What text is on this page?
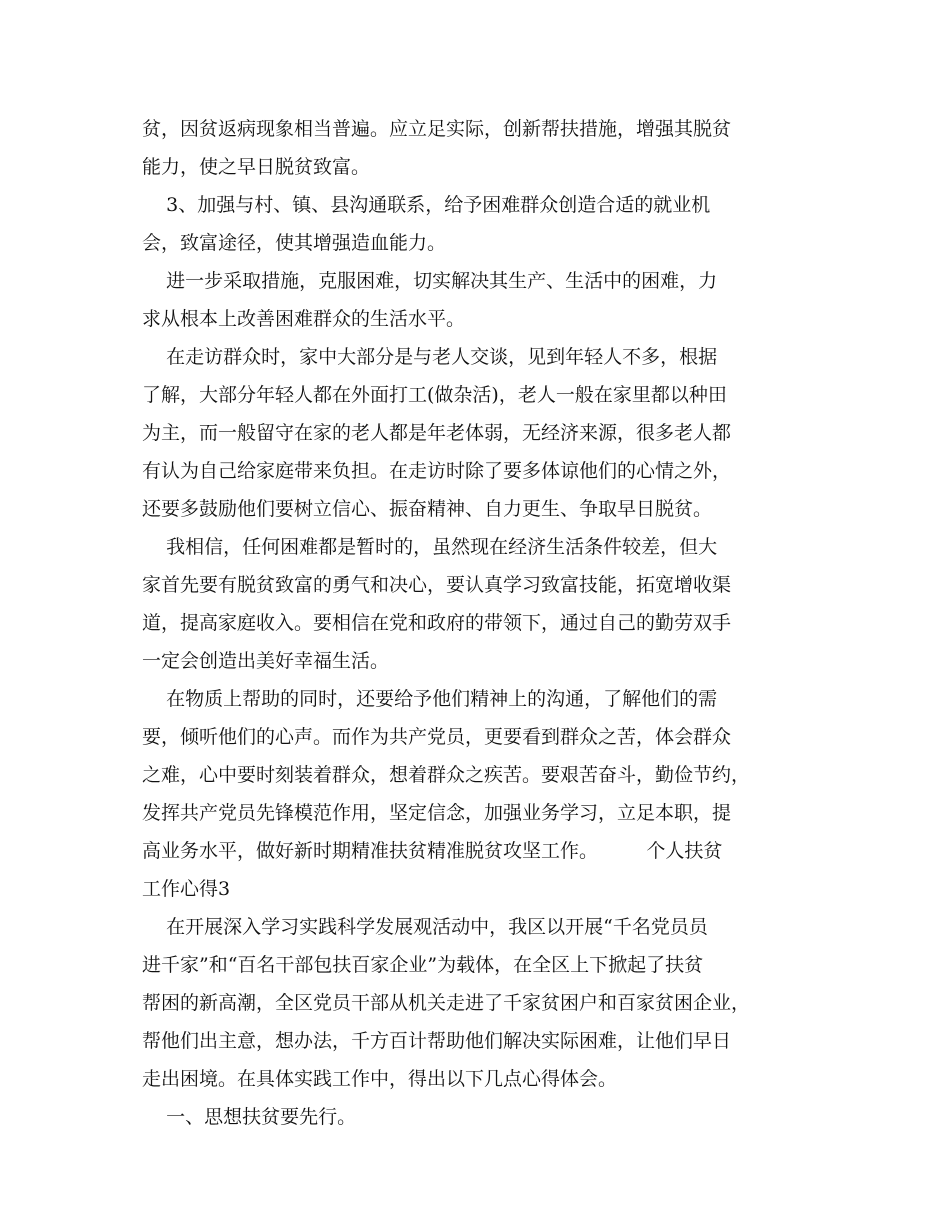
贫，因贫返病现象相当普遍。应立足实际，创新帮扶措施，增强其脱贫
能力，使之早日脱贫致富。
3、加强与村、镇、县沟通联系，给予困难群众创造合适的就业机
会，致富途径，使其增强造血能力。
进一步采取措施，克服困难，切实解决其生产、生活中的困难，力
求从根本上改善困难群众的生活水平。
在走访群众时，家中大部分是与老人交谈，见到年轻人不多，根据
了解，大部分年轻人都在外面打工(做杂活)，老人一般在家里都以种田
为主，而一般留守在家的老人都是年老体弱，无经济来源，很多老人都
有认为自己给家庭带来负担。在走访时除了要多体谅他们的心情之外，
还要多鼓励他们要树立信心、振奋精神、自力更生、争取早日脱贫。
我相信，任何困难都是暂时的，虽然现在经济生活条件较差，但大
家首先要有脱贫致富的勇气和决心，要认真学习致富技能，拓宽增收渠
道，提高家庭收入。要相信在党和政府的带领下，通过自己的勤劳双手
一定会创造出美好幸福生活。
在物质上帮助的同时，还要给予他们精神上的沟通，了解他们的需
要，倾听他们的心声。而作为共产党员，更要看到群众之苦，体会群众
之难，心中要时刻装着群众，想着群众之疾苦。要艰苦奋斗，勤俭节约，
发挥共产党员先锋模范作用，坚定信念，加强业务学习，立足本职，提
高业务水平，做好新时期精准扶贫精准脱贫攻坚工作。        个人扶贫
工作心得3
在开展深入学习实践科学发展观活动中，我区以开展“千名党员员
进千家”和“百名干部包扶百家企业”为载体，在全区上下掀起了扶贫
帮困的新高潮，全区党员干部从机关走进了千家贫困户和百家贫困企业，
帮他们出主意，想办法，千方百计帮助他们解决实际困难，让他们早日
走出困境。在具体实践工作中，得出以下几点心得体会。
一、思想扶贫要先行。
